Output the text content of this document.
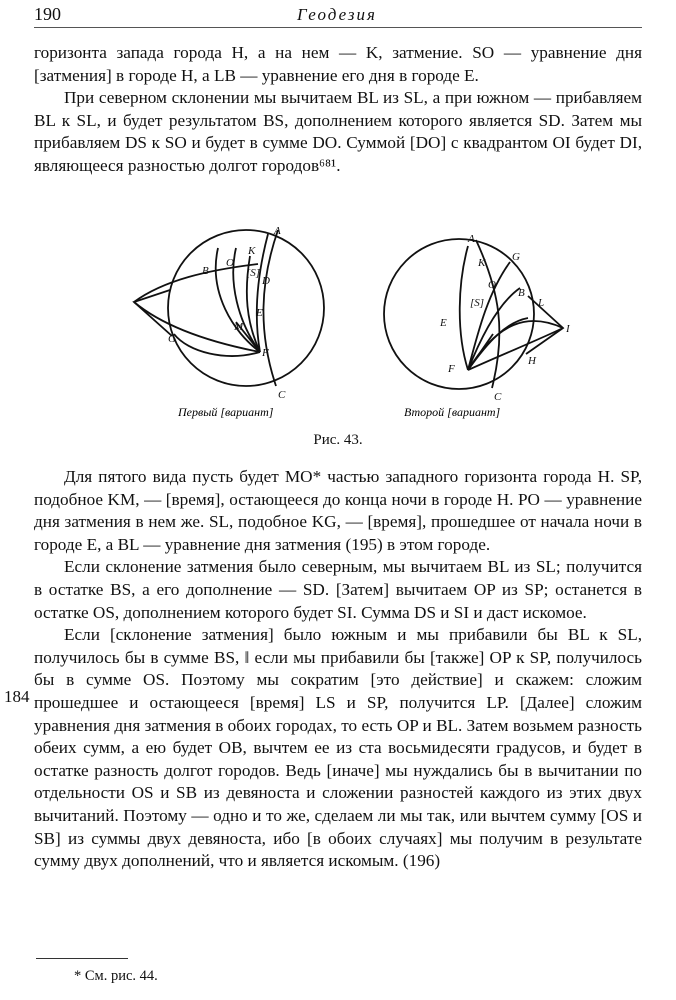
190	Геодезия

горизонта запада города H, а на нем — K, затмение. SO — уравнение дня [затмения] в городе H, а LB — уравнение его дня в городе E.

При северном склонении мы вычитаем BL из SL, а при южном — прибавляем BL к SL, и будет результатом BS, дополнением которого является SD. Затем мы прибавляем DS к SO и будет в сумме DO. Суммой [DO] с квадрантом OI будет DI, являющееся разностью долгот городов⁶⁸¹.

A
K
[S]
O
B
D
E
M
G
F
C
A
K G
[S]
O
B
L
I
E
F
H
C
Первый [вариант]	Второй [вариант]
Рис. 43.

Для пятого вида пусть будет MO* частью западного горизонта города H. SP, подобное KM, — [время], остающееся до конца ночи в городе H. PO — уравнение дня затмения в нем же. SL, подобное KG, — [время], прошедшее от начала ночи в городе E, а BL — уравнение дня затмения (195) в этом городе.

Если склонение затмения было северным, мы вычитаем BL из SL; получится в остатке BS, а его дополнение — SD. [Затем] вычитаем OP из SP; останется в остатке OS, дополнением которого будет SI. Сумма DS и SI и даст искомое.

Если [склонение затмения] было южным и мы прибавили бы BL к SL, получилось бы в сумме BS, ‖ если мы прибавили бы [также] OP к SP, получилось бы в сумме OS. Поэтому мы сократим [это действие] и скажем: сложим прошедшее и остающееся [время] LS и SP, получится LP. [Далее] сложим уравнения дня затмения в обоих городах, то есть OP и BL. Затем возьмем разность обеих сумм, а ею будет OB, вычтем ее из ста восьмидесяти градусов, и будет в остатке разность долгот городов. Ведь [иначе] мы нуждались бы в вычитании по отдельности OS и SB из девяноста и сложении разностей каждого из этих двух вычитаний. Поэтому — одно и то же, сделаем ли мы так, или вычтем сумму [OS и SB] из суммы двух девяноста, ибо [в обоих случаях] мы получим в результате сумму двух дополнений, что и является искомым. (196)

184
* См. рис. 44.
